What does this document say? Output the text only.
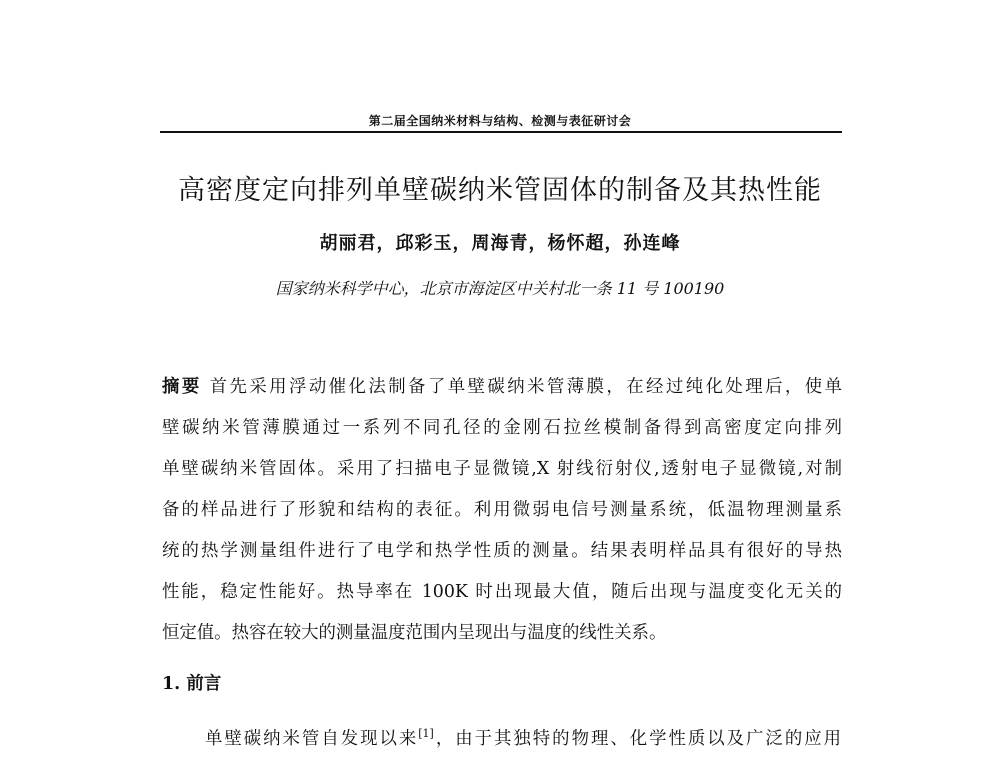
第二届全国纳米材料与结构、检测与表征研讨会
高密度定向排列单壁碳纳米管固体的制备及其热性能
胡丽君，邱彩玉，周海青，杨怀超，孙连峰
国家纳米科学中心，北京市海淀区中关村北一条 11 号 100190
摘要 首先采用浮动催化法制备了单壁碳纳米管薄膜，在经过纯化处理后，使单
壁碳纳米管薄膜通过一系列不同孔径的金刚石拉丝模制备得到高密度定向排列
单壁碳纳米管固体。采用了扫描电子显微镜,X 射线衍射仪,透射电子显微镜,对制
备的样品进行了形貌和结构的表征。利用微弱电信号测量系统，低温物理测量系
统的热学测量组件进行了电学和热学性质的测量。结果表明样品具有很好的导热
性能，稳定性能好。热导率在 100K 时出现最大值，随后出现与温度变化无关的
恒定值。热容在较大的测量温度范围内呈现出与温度的线性关系。
1. 前言
单壁碳纳米管自发现以来[1]，由于其独特的物理、化学性质以及广泛的应用
